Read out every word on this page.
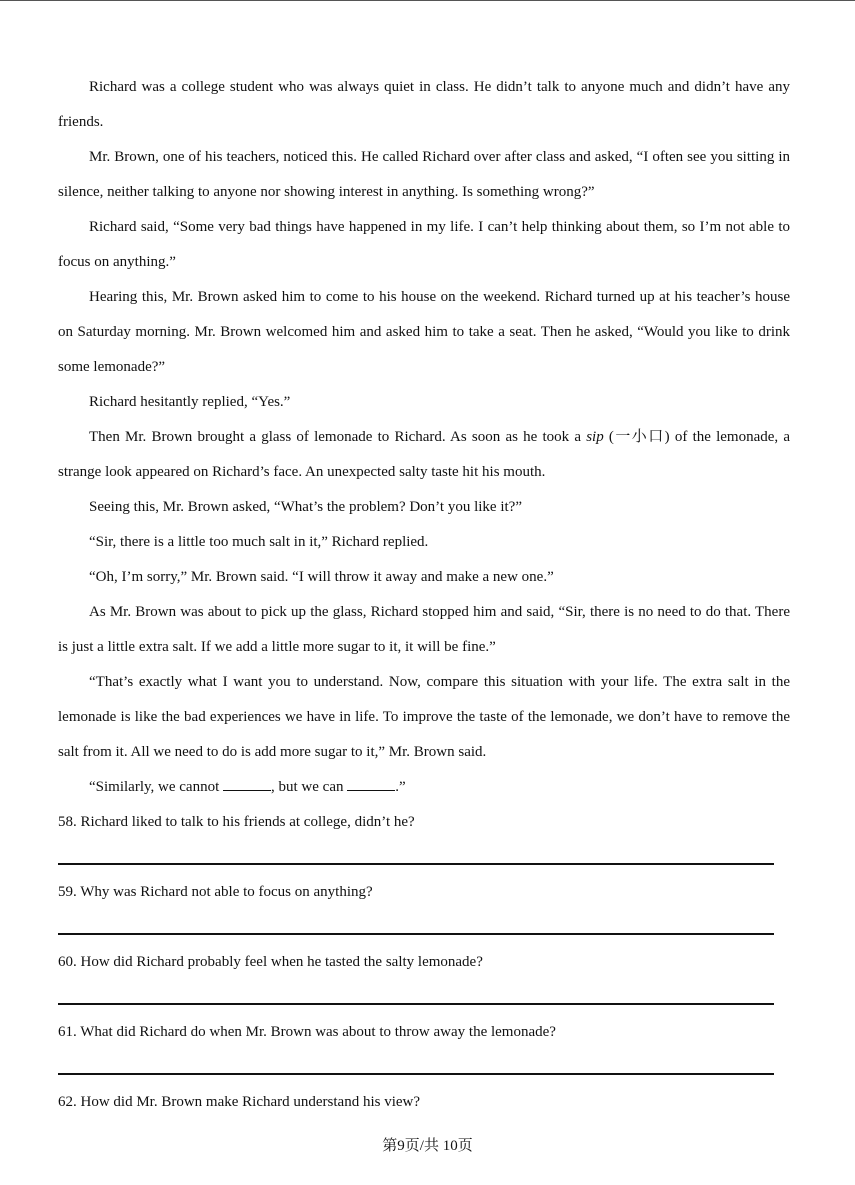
Richard was a college student who was always quiet in class. He didn’t talk to anyone much and didn’t have any friends.

Mr. Brown, one of his teachers, noticed this. He called Richard over after class and asked, “I often see you sitting in silence, neither talking to anyone nor showing interest in anything. Is something wrong?”

Richard said, “Some very bad things have happened in my life. I can’t help thinking about them, so I’m not able to focus on anything.”

Hearing this, Mr. Brown asked him to come to his house on the weekend. Richard turned up at his teacher’s house on Saturday morning. Mr. Brown welcomed him and asked him to take a seat. Then he asked, “Would you like to drink some lemonade?”

Richard hesitantly replied, “Yes.”

Then Mr. Brown brought a glass of lemonade to Richard. As soon as he took a sip (一小口) of the lemonade, a strange look appeared on Richard’s face. An unexpected salty taste hit his mouth.

Seeing this, Mr. Brown asked, “What’s the problem? Don’t you like it?”

“Sir, there is a little too much salt in it,” Richard replied.

“Oh, I’m sorry,” Mr. Brown said. “I will throw it away and make a new one.”

As Mr. Brown was about to pick up the glass, Richard stopped him and said, “Sir, there is no need to do that. There is just a little extra salt. If we add a little more sugar to it, it will be fine.”

“That’s exactly what I want you to understand. Now, compare this situation with your life. The extra salt in the lemonade is like the bad experiences we have in life. To improve the taste of the lemonade, we don’t have to remove the salt from it. All we need to do is add more sugar to it,” Mr. Brown said.

“Similarly, we cannot	, but we can	.”

58. Richard liked to talk to his friends at college, didn’t he?

59. Why was Richard not able to focus on anything?

60. How did Richard probably feel when he tasted the salty lemonade?

61. What did Richard do when Mr. Brown was about to throw away the lemonade?

62. How did Mr. Brown make Richard understand his view?

第9页/共 10页
